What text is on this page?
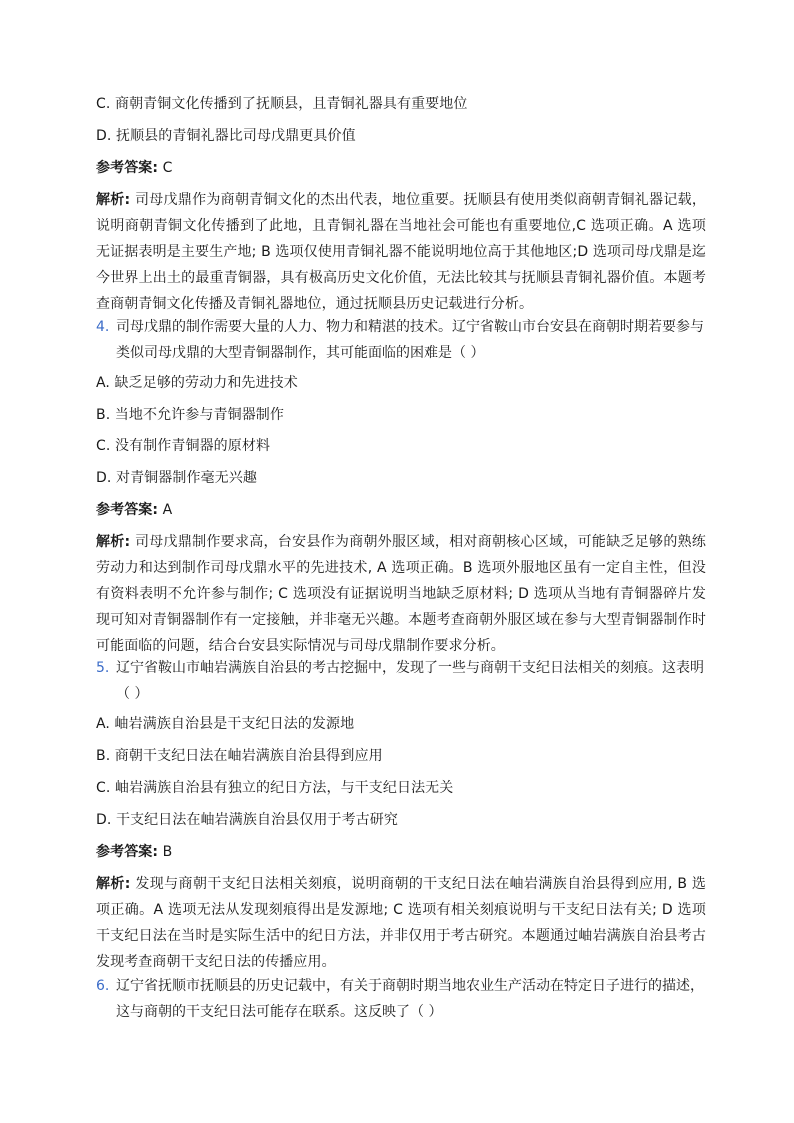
C. 商朝青铜文化传播到了抚顺县，且青铜礼器具有重要地位
D. 抚顺县的青铜礼器比司母戊鼎更具价值
参考答案: C
解析: 司母戊鼎作为商朝青铜文化的杰出代表，地位重要。抚顺县有使用类似商朝青铜礼器记载，说明商朝青铜文化传播到了此地，且青铜礼器在当地社会可能也有重要地位,C 选项正确。A 选项无证据表明是主要生产地; B 选项仅使用青铜礼器不能说明地位高于其他地区;D 选项司母戊鼎是迄今世界上出土的最重青铜器，具有极高历史文化价值，无法比较其与抚顺县青铜礼器价值。本题考查商朝青铜文化传播及青铜礼器地位，通过抚顺县历史记载进行分析。
4. 司母戊鼎的制作需要大量的人力、物力和精湛的技术。辽宁省鞍山市台安县在商朝时期若要参与类似司母戊鼎的大型青铜器制作，其可能面临的困难是（ ）
A. 缺乏足够的劳动力和先进技术
B. 当地不允许参与青铜器制作
C. 没有制作青铜器的原材料
D. 对青铜器制作毫无兴趣
参考答案: A
解析: 司母戊鼎制作要求高，台安县作为商朝外服区域，相对商朝核心区域，可能缺乏足够的熟练劳动力和达到制作司母戊鼎水平的先进技术, A 选项正确。B 选项外服地区虽有一定自主性，但没有资料表明不允许参与制作; C 选项没有证据说明当地缺乏原材料; D 选项从当地有青铜器碎片发现可知对青铜器制作有一定接触，并非毫无兴趣。本题考查商朝外服区域在参与大型青铜器制作时可能面临的问题，结合台安县实际情况与司母戊鼎制作要求分析。
5. 辽宁省鞍山市岫岩满族自治县的考古挖掘中，发现了一些与商朝干支纪日法相关的刻痕。这表明（ ）
A. 岫岩满族自治县是干支纪日法的发源地
B. 商朝干支纪日法在岫岩满族自治县得到应用
C. 岫岩满族自治县有独立的纪日方法，与干支纪日法无关
D. 干支纪日法在岫岩满族自治县仅用于考古研究
参考答案: B
解析: 发现与商朝干支纪日法相关刻痕，说明商朝的干支纪日法在岫岩满族自治县得到应用, B 选项正确。A 选项无法从发现刻痕得出是发源地; C 选项有相关刻痕说明与干支纪日法有关; D 选项干支纪日法在当时是实际生活中的纪日方法，并非仅用于考古研究。本题通过岫岩满族自治县考古发现考查商朝干支纪日法的传播应用。
6. 辽宁省抚顺市抚顺县的历史记载中，有关于商朝时期当地农业生产活动在特定日子进行的描述，这与商朝的干支纪日法可能存在联系。这反映了（ ）
